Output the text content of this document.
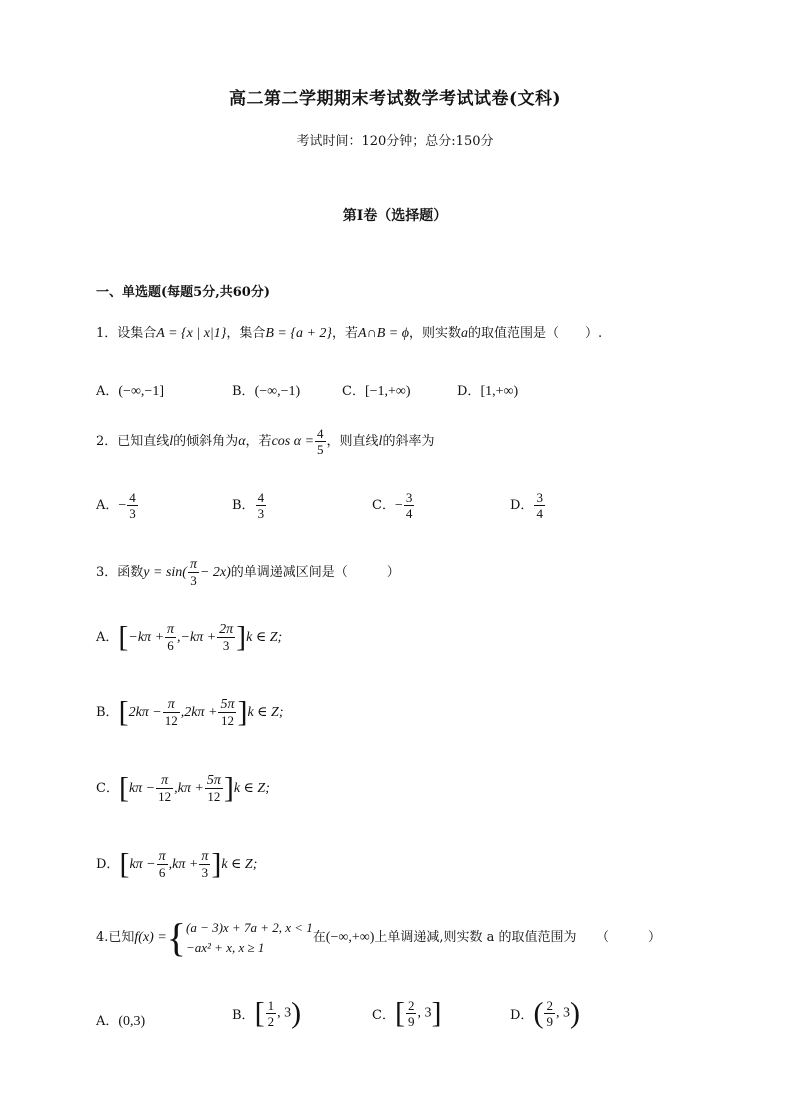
高二第二学期期末考试数学考试试卷(文科)
考试时间：120分钟；总分:150分
第Ⅰ卷（选择题）
一、单选题(每题5分,共60分)
1．设集合A = {x | x|1}，集合B = {a + 2}，若A∩B = ϕ，则实数a的取值范围是（　　）.
A．(−∞,−1]	B．(−∞,−1)	C．[−1,+∞)	D．[1,+∞)
2．已知直线l的倾斜角为α，若$\cos \alpha = \frac{4}{5}$ ，则直线l的斜率为
A．− $\frac{4}{3}$	B． $\frac{4}{3}$	C．− $\frac{3}{4}$	D． $\frac{3}{4}$
3．函数$y = \sin( \frac{\pi}{3} - 2x)$的单调递减区间是（　　　）
A．$[-k\pi + \frac{\pi}{6} ,-k\pi + \frac{2\pi}{3} ]k$ ∈ Z;
B．$[2k\pi - \frac{\pi}{12} ,2k\pi + \frac{5\pi}{12} ]k$ ∈ Z;
C．$[k\pi - \frac{\pi}{12} ,k\pi + \frac{5\pi}{12} ]k$ ∈ Z;
D．$[k\pi - \frac{\pi}{6} ,k\pi + \frac{\pi}{3} ]k$ ∈ Z;
4.已知f(x) ={ (a − 3)x + 7a + 2, x < 1
−ax² + x, x ≥ 1
在(−∞,+∞)上单调递减,则实数 a 的取值范围为　　（　　　）
A．(0,3)	B．[ $\frac{1}{2}$ , 3)	C．[ $\frac{2}{9}$ , 3]	D．( $\frac{2}{9}$ , 3)
